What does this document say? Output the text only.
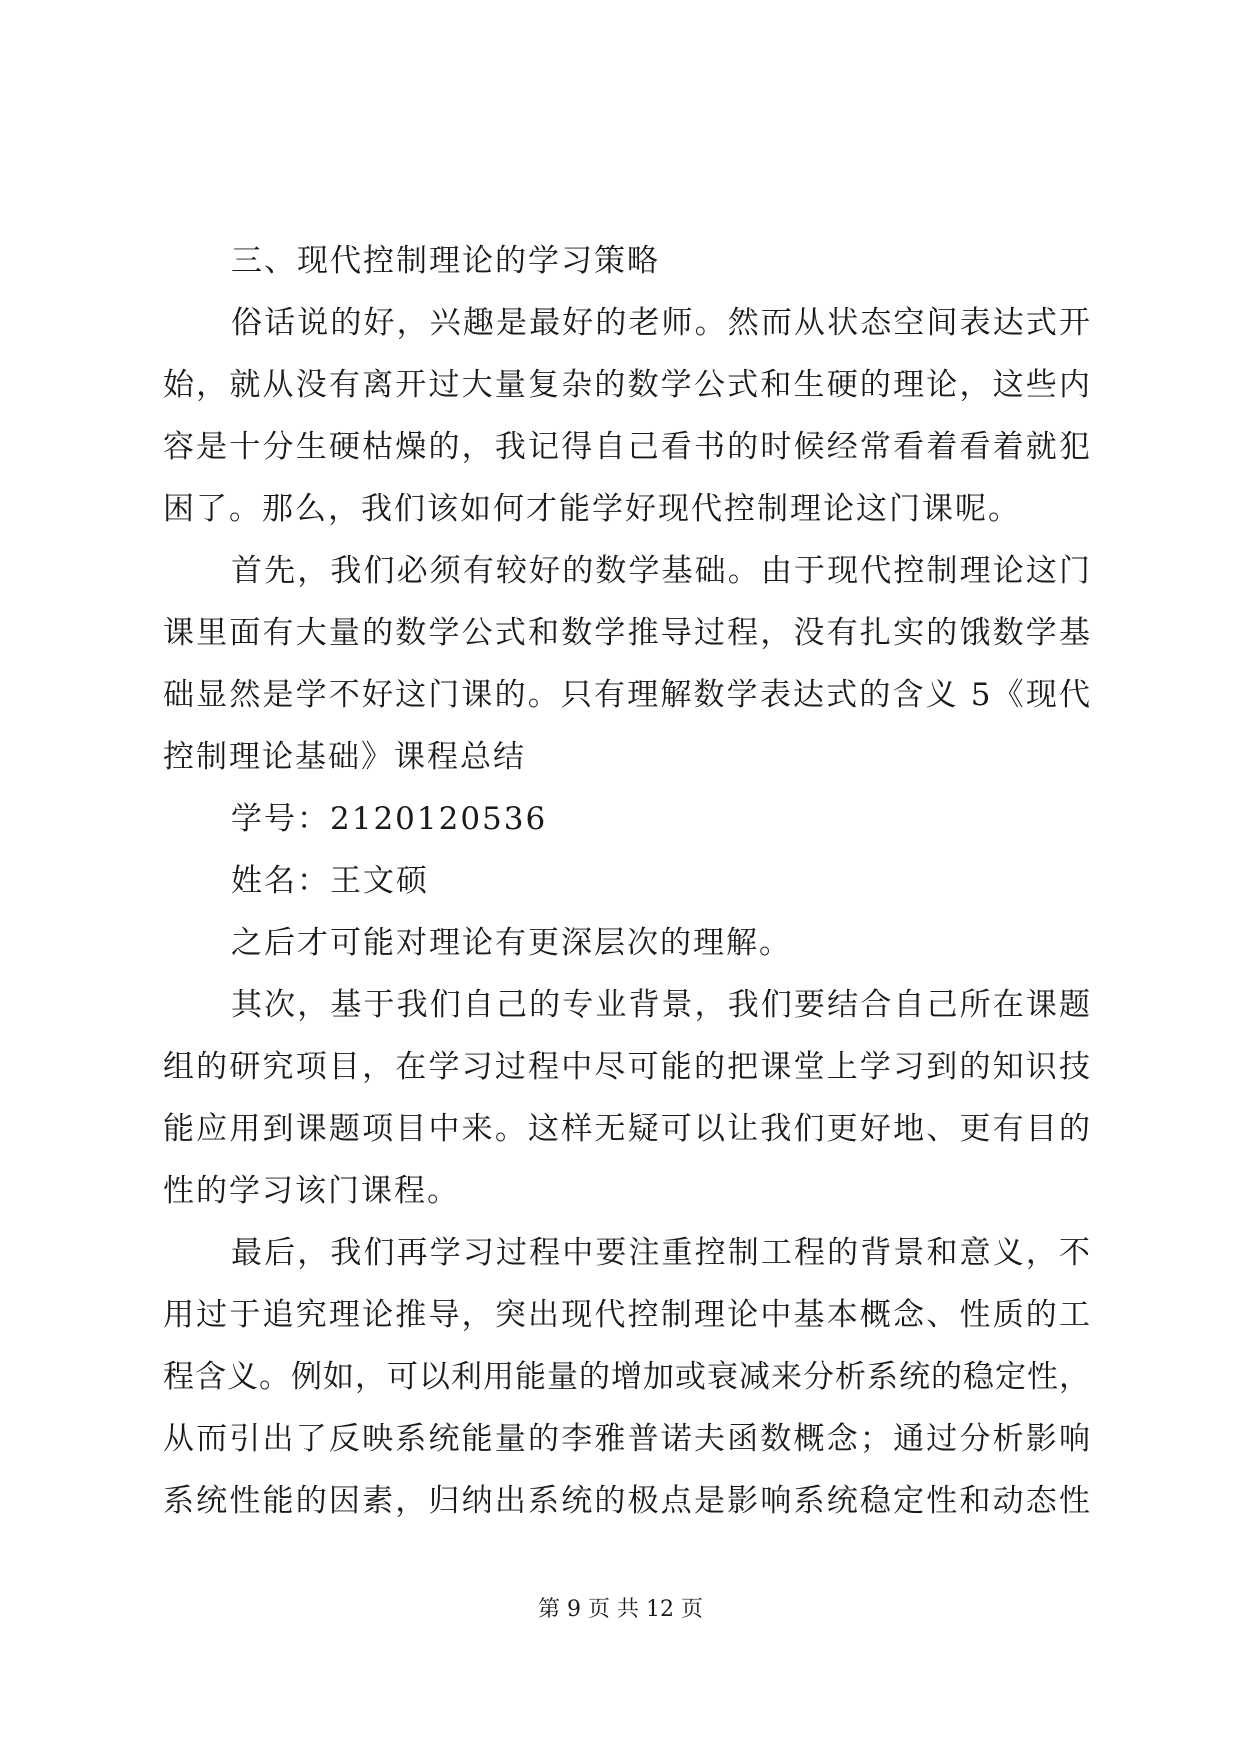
三、现代控制理论的学习策略
俗话说的好，兴趣是最好的老师。然而从状态空间表达式开
始，就从没有离开过大量复杂的数学公式和生硬的理论，这些内
容是十分生硬枯燥的，我记得自己看书的时候经常看着看着就犯
困了。那么，我们该如何才能学好现代控制理论这门课呢。
首先，我们必须有较好的数学基础。由于现代控制理论这门
课里面有大量的数学公式和数学推导过程，没有扎实的饿数学基
础显然是学不好这门课的。只有理解数学表达式的含义 5《现代
控制理论基础》课程总结
学号：2120120536
姓名：王文硕
之后才可能对理论有更深层次的理解。
其次，基于我们自己的专业背景，我们要结合自己所在课题
组的研究项目，在学习过程中尽可能的把课堂上学习到的知识技
能应用到课题项目中来。这样无疑可以让我们更好地、更有目的
性的学习该门课程。
最后，我们再学习过程中要注重控制工程的背景和意义，不
用过于追究理论推导，突出现代控制理论中基本概念、性质的工
程含义。例如，可以利用能量的增加或衰减来分析系统的稳定性，
从而引出了反映系统能量的李雅普诺夫函数概念；通过分析影响
系统性能的因素，归纳出系统的极点是影响系统稳定性和动态性
第 9 页 共 12 页
